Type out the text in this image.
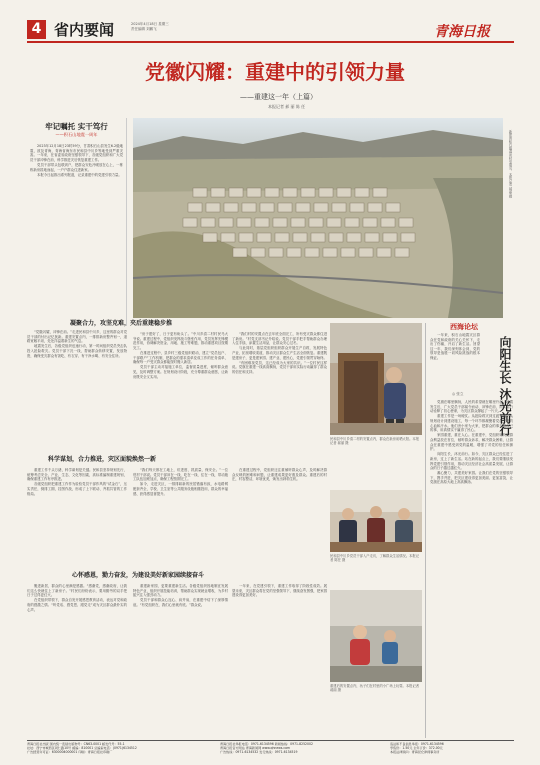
4 省内要闻	2024年4月18日 星期三
责任编辑 刘鹏飞	青海日报
党徽闪耀：重建中的引领力量
——重建这一年（上篇）
本报记者 郝 丽 陈 任
牢记嘱托 实干笃行
——积石山地震一周年

2023年12月18日23时59分，甘肃积石山县发生6.2级地震，波及青海，青海省海东市民和县中川乡等地受到严重灾害。一年来，在省委省政府坚强领导下，各级党组织和广大党员干部冲锋在前，科学推进灾后恢复重建工作。

党员干部带头包联到户，把群众安危冷暖放在心上，一栋栋新房拔地而起，一户户群众住进新家。

本报今日起推出系列报道，记录重建中的党建引领力量。	新建的积石镇温泉村安置点。本报记者 郝丽 摄

“党徽闪耀，冲锋在前。”走进民和县中川乡，这里的群众对党员干部的付出记忆犹新。重建安置点内，一排排新房整齐划一，道路宽敞平坦，处处洋溢着新生的气息。

地震发生后，各级党组织迅速行动，第一时间组织党员突击队投入抢险救灾。党员干部下沉一线，帮助群众转移安置，发放物资，确保受灾群众有饭吃、有衣穿、有干净水喝、有安全住所。

凝聚合力，攻坚克难，夹后重建稳步推

“房子建好了，日子更有盼头了。”中川乡清二村村民马大爷说。重建过程中，党组织发挥战斗堡垒作用，党员发挥先锋模范作用，协调解决资金、用地、施工等难题，推动重建项目按期完工。

在推进过程中，县乡村三级党组织联动，建立“党员包户、干部联户”工作机制，把群众的需求清单变成工作的任务清单，确保每一户受灾群众都能按时搬入新居。

党员干部主动对接施工单位，监督质量进度，倾听群众意见，及时调整方案。在规划设计阶段，充分尊重群众意愿，让新房既安全又实用。

“我们村的安置点在去年底全面完工，所有受灾群众都住进了新房。”村党支部书记介绍说。党员干部手把手帮助群众办理入住手续、添置生活用品，让群众安心过冬。

与此同时，基层党组织组织群众开展生产自救，发展特色产业，拓宽增收渠道，推动灾区群众生产生活全面恢复。重建既是建房子，更是建家园、建产业、建民心，党建引领贯穿始终。

“有困难找党员，这已经成为大家的共识。”一位村民这样说。党旗在重建一线高高飘扬，党员干部用实际行动赢得了群众的信任和支持。

民和县中川乡清二村的安置点内，群众在新房前晒太阳。本报记者 郝丽 摄
科学谋划，合力推进，灾区面貌焕然一新

重建工作千头万绪，科学谋划是关键。民和县坚持规划先行，统筹考虑安全、产业、生态、文化等因素，高标准编制重建规划，确保重建工作有序推进。

各级党组织把重建工作作为检验党员干部作风的“试金石”，压实责任，倒排工期，挂图作战，形成了上下联动、齐抓共管的工作格局。

“我们每天都在工地上，盯进度、抓质量、保安全。”一位驻村干部说。党员干部冲在一线，吃在一线、住在一线，带动施工队伍加班加点，确保工程按期完工。

如今，走进灾区，一排排崭新的民居错落有致，水电路网配套齐全，学校、卫生室等公共服务设施相继投用，群众的幸福感、获得感显著提升。

在重建过程中，党组织还注重倾听群众心声，及时解决群众反映的困难和问题，让重建成果更好惠及群众。重建后的村庄，村容整洁，环境优美，焕发出勃勃生机。

民和县中川乡党员干部入户走访，了解群众生活情况。本报记者 陈任 摄
心怀感恩，勠力奋发，为建设美好新家园续接奋斗

搬进新居，群众的心里满是感激。“感谢党，感谢政府，让我们这么快就住上了新房子。”村民们纷纷表示，要用勤劳的双手把日子过得更红火。

在党组织带领下，群众自发开展感恩教育活动，表达对党和政府的感激之情。“听党话、感党恩、跟党走”成为灾区群众最朴实的心声。

重建新家园，更要重建新生活。各级党组织因地制宜发展特色产业，组织开展技能培训，帮助群众实现就业增收，为乡村振兴注入强劲动力。

党员干部和群众心连心、肩并肩，在重建中结下了深厚情谊。“有党组织在，我们心里就有底。”群众说。

一年来，在党建引领下，重建工作取得了阶段性成效。展望未来，灾区群众将在党的坚强领导下，继续奋发图强，把家园建设得更加美好。

重建后的安置点内，孩子们在村里的小广场上玩耍。本报记者 郝丽 摄
西海论坛
向阳生长 沐光前行
◎ 张立

一年来，积石山地震灾区群众在党和政府的关心关怀下，走出了伤痛，开启了新生活。回望这一年，我们深刻体会到，党的领导是战胜一切风险挑战的根本保证。

党旗在哪里飘扬，人民的希望就在哪里升起。地震发生后，广大党员干部闻令而动、冲锋在前，用实际行动诠释了初心使命，为灾区群众撑起了一片天。

重建工作是一场硬仗。从抢险救灾到过渡安置，从规划设计到建设施工，每一个环节都凝聚着党员干部的心血和汗水。他们舍小家为大家，把群众的事当成自己的事，用真情实干赢得了民心。

家园重建，重在人心。在重建中，党组织始终把群众利益放在首位，倾听群众诉求，解决群众困难，让群众在重建中感受到党的温暖，增强了对党的信任和拥护。

向阳生长，沐光前行。如今，灾区群众已经住进了新房，过上了新生活。站在新的起点上，我们要继续发挥党建引领作用，推动灾区经济社会高质量发展，让群众的日子越过越红火。

凝心聚力，共建美好家园。让我们在党的坚强领导下，携手并进，把灾区建设得更加美丽、更加富饶，让党旗在高原大地上高高飘扬。

青海日报社出版 国内统一连续出版物号：CN63-0001 邮发代号：55-1
社址：西宁市城西区同仁路10号 邮编：810001 总编室电话：(0971)6134512
广告经营许可证：6300004000001 印刷：青海日报社印刷厂
青海日报社举报电话：0971-6134596 新闻热线：0971-8252002
青海日报官方网站 青海新闻网 www.qhnews.com
广告热线：0971-6134532 发行热线：0971-6134519
违法和不良信息举报：0971-6134596
零售价：1.50元 全年订价：372.00元
本报法律顾问：青海昆仑律师事务所
